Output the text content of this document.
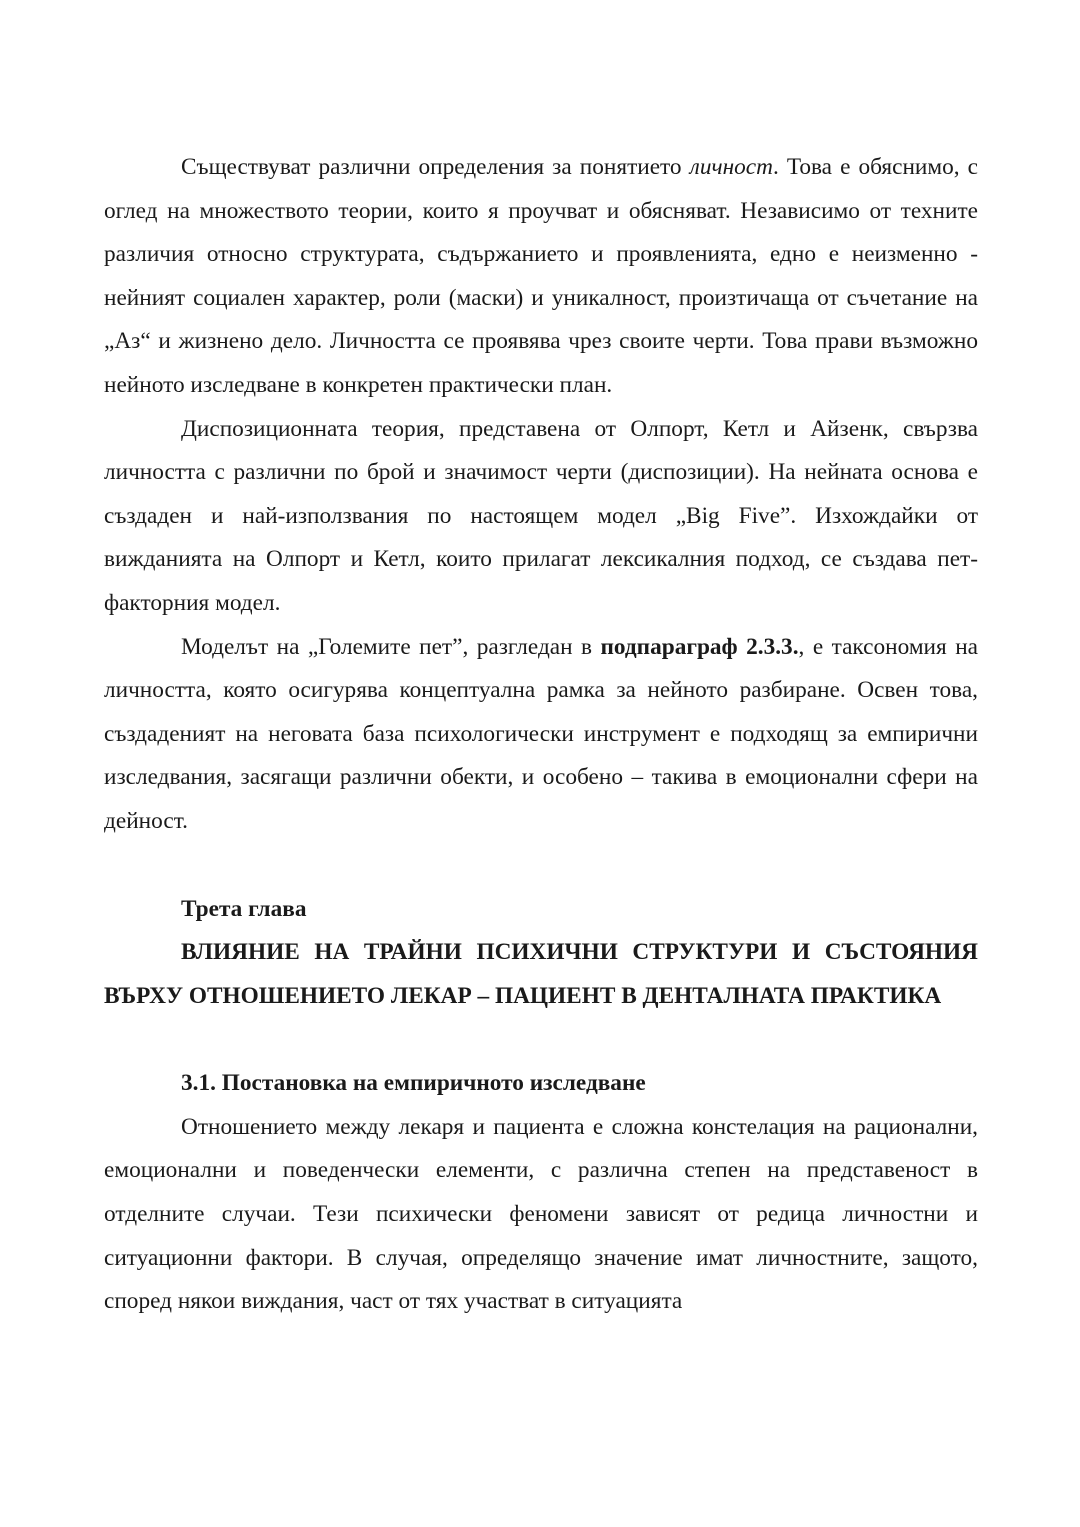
Съществуват различни определения за понятието личност. Това е обяснимо, с оглед на множеството теории, които я проучват и обясняват. Независимо от техните различия относно структурата, съдържанието и проявленията, едно е неизменно - нейният социален характер, роли (маски) и уникалност, произтичаща от съчетание на „Аз“ и жизнено дело. Личността се проявява чрез своите черти. Това прави възможно нейното изследване в конкретен практически план.

Диспозиционната теория, представена от Олпорт, Кетл и Айзенк, свързва личността с различни по брой и значимост черти (диспозиции). На нейната основа е създаден и най-използвания по настоящем модел „Big Five”. Изхождайки от вижданията на Олпорт и Кетл, които прилагат лексикалния подход, се създава пет-факторния модел.

Моделът на „Големите пет”, разгледан в подпараграф 2.3.3., е таксономия на личността, която осигурява концептуална рамка за нейното разбиране. Освен това, създаденият на неговата база психологически инструмент е подходящ за емпирични изследвания, засягащи различни обекти, и особено – такива в емоционални сфери на дейност.

Трета глава
ВЛИЯНИЕ НА ТРАЙНИ ПСИХИЧНИ СТРУКТУРИ И СЪСТОЯНИЯ ВЪРХУ ОТНОШЕНИЕТО ЛЕКАР – ПАЦИЕНТ В ДЕНТАЛНАТА ПРАКТИКА
3.1. Постановка на емпиричното изследване

Отношението между лекаря и пациента е сложна констелация на рационални, емоционални и поведенчески елементи, с различна степен на представеност в отделните случаи. Тези психически феномени зависят от редица личностни и ситуационни фактори. В случая, определящо значение имат личностните, защото, според някои виждания, част от тях участват в ситуацията
